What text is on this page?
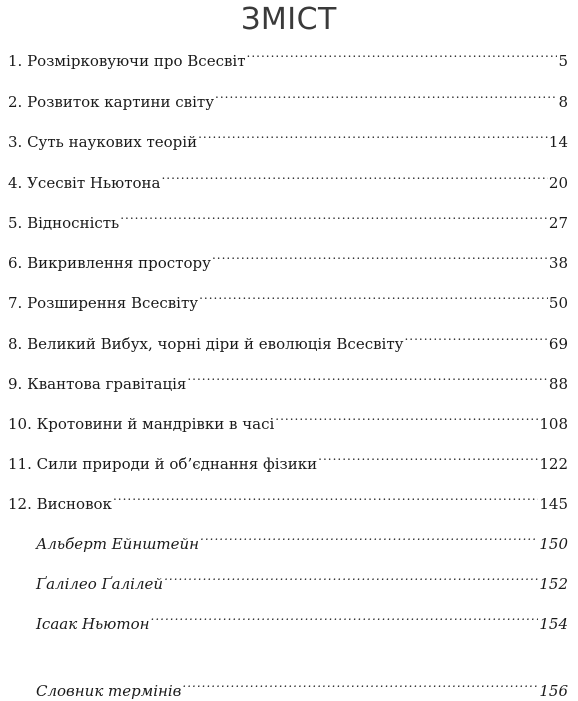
ЗМІСТ
1. Розмірковуючи про Всесвіт .....	5
2. Розвиток картини світу .....	8
3. Суть наукових теорій .....	14
4. Усесвіт Ньютона .....	20
5. Відносність .....	27
6. Викривлення простору .....	38
7. Розширення Всесвіту .....	50
8. Великий Вибух, чорні діри й еволюція Всесвіту .....	69
9. Квантова гравітація .....	88
10. Кротовини й мандрівки в часі .....	108
11. Сили природи й об’єднання фізики .....	122
12. Висновок .....	145
Альберт Ейнштейн .....	150
Ґалілео Ґалілей .....	152
Ісаак Ньютон .....	154
Словник термінів .....	156
